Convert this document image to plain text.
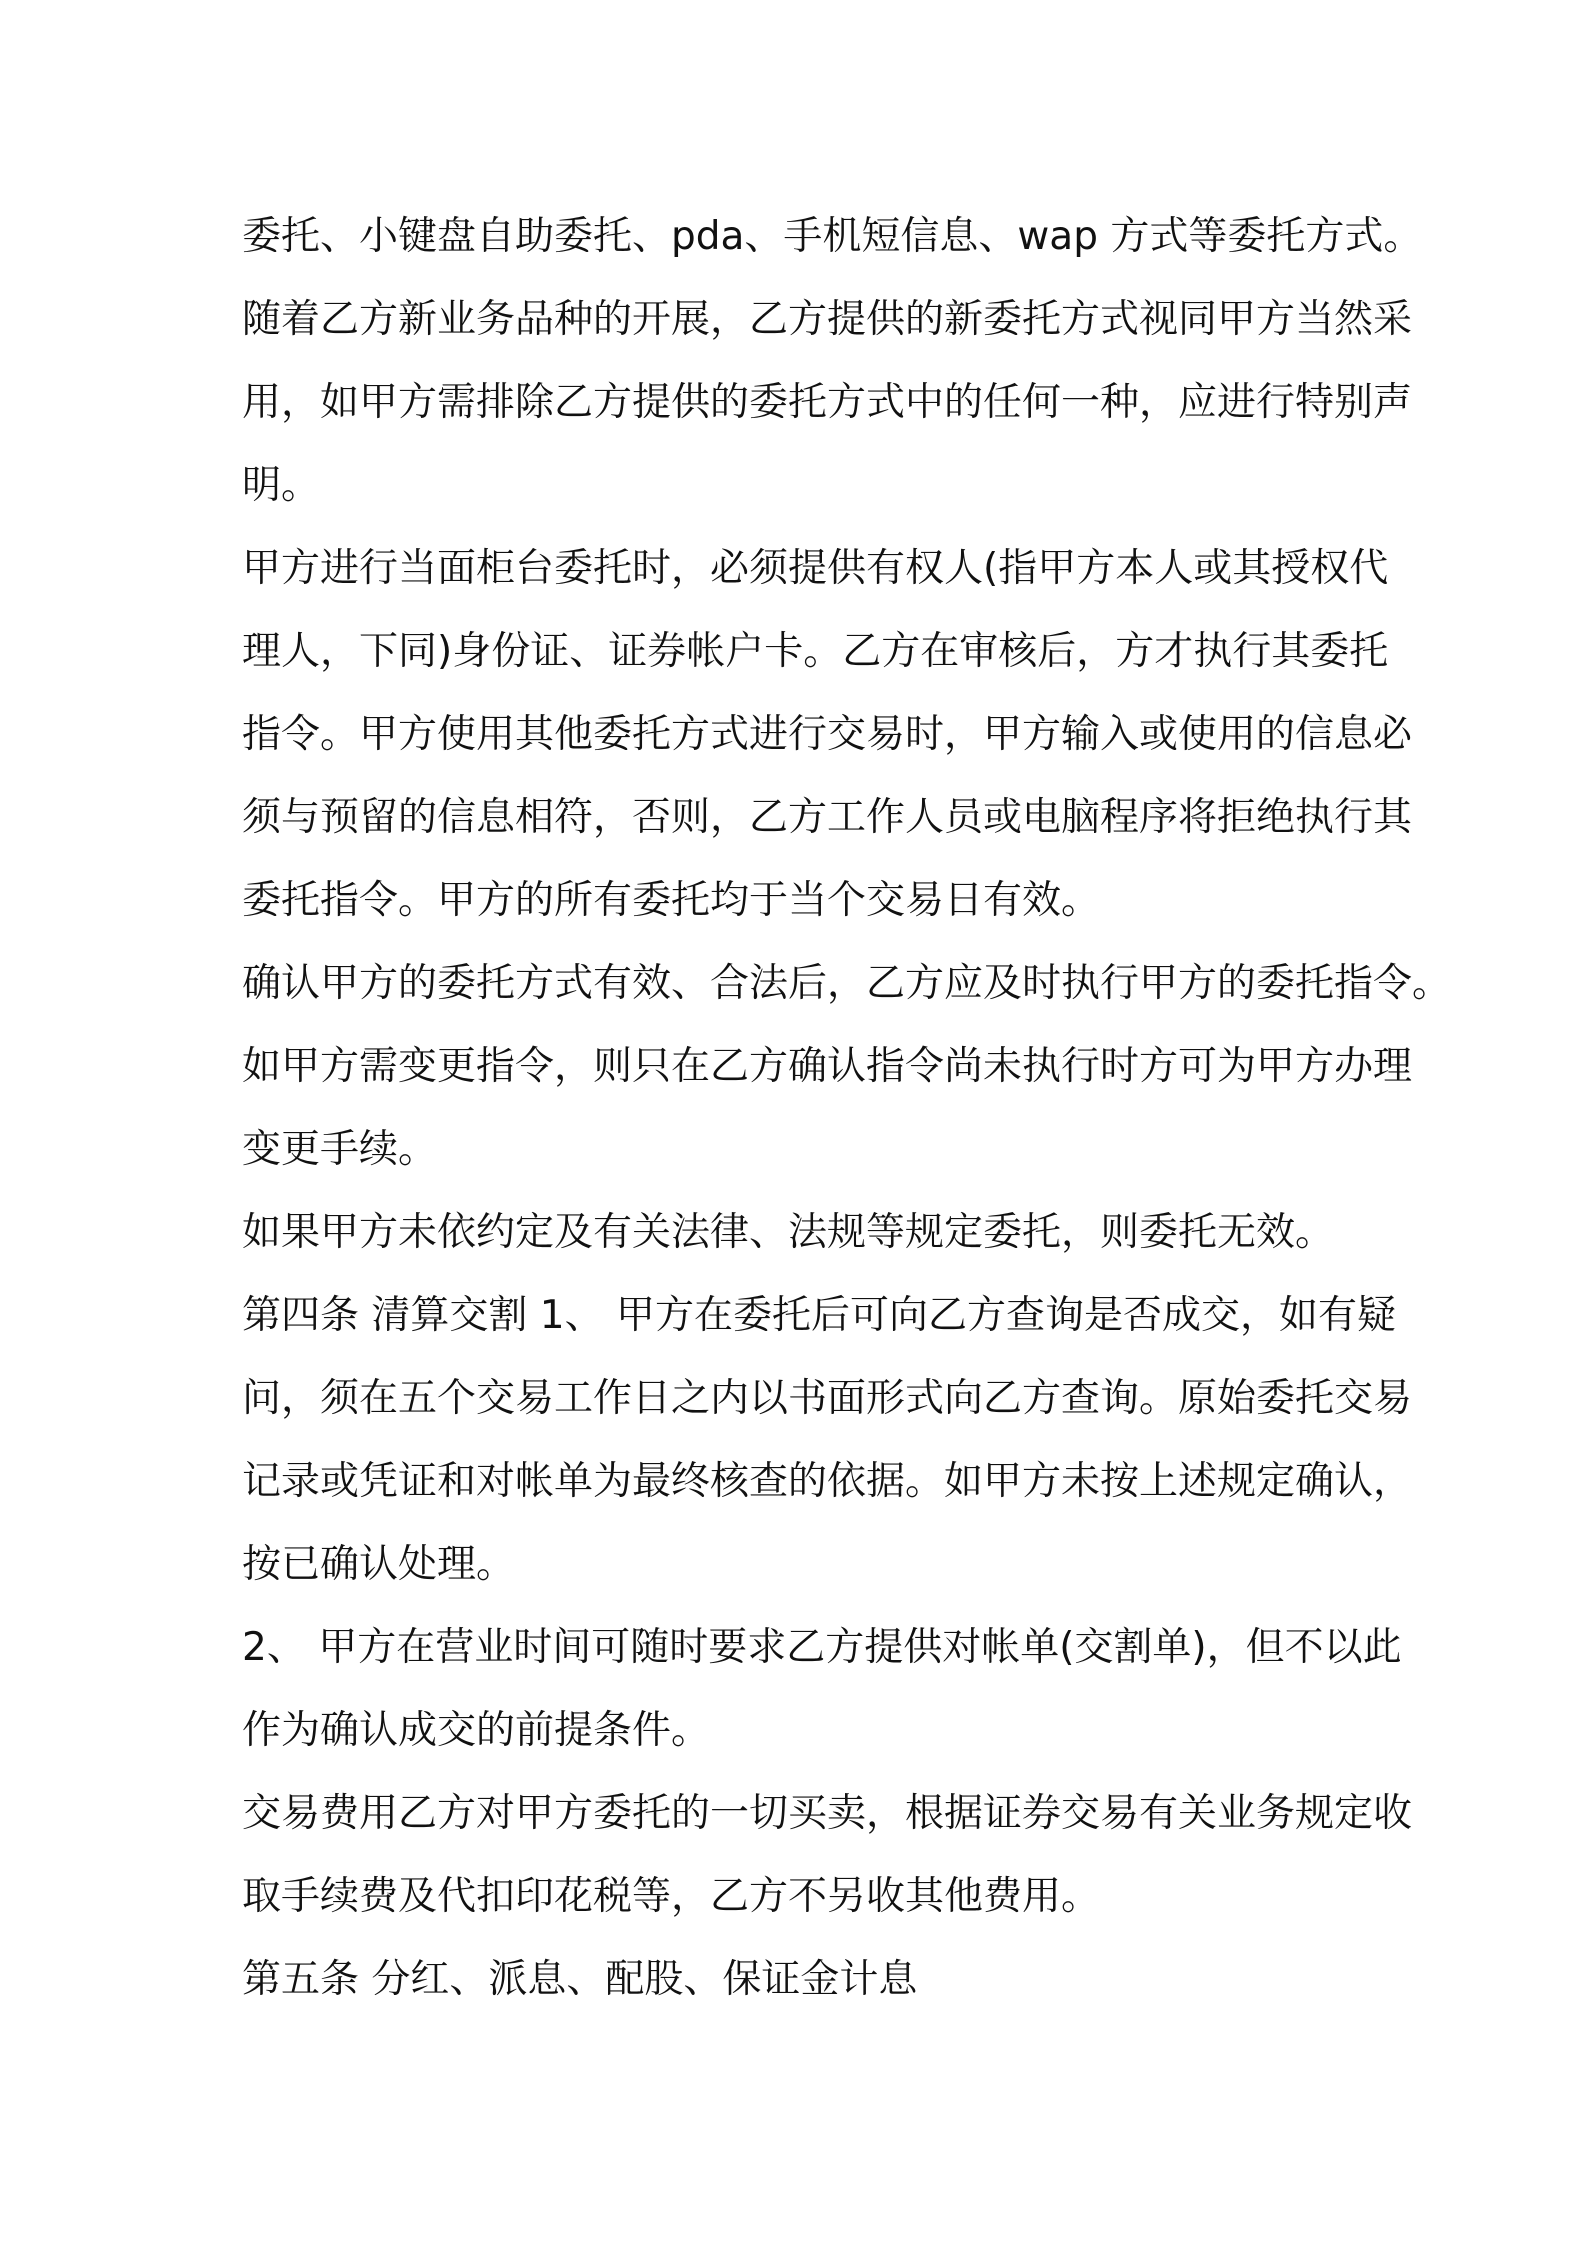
委托、小键盘自助委托、pda、手机短信息、wap 方式等委托方式。
随着乙方新业务品种的开展，乙方提供的新委托方式视同甲方当然采
用，如甲方需排除乙方提供的委托方式中的任何一种，应进行特别声
明。
甲方进行当面柜台委托时，必须提供有权人(指甲方本人或其授权代
理人，下同)身份证、证券帐户卡。乙方在审核后，方才执行其委托
指令。甲方使用其他委托方式进行交易时，甲方输入或使用的信息必
须与预留的信息相符，否则，乙方工作人员或电脑程序将拒绝执行其
委托指令。甲方的所有委托均于当个交易日有效。
确认甲方的委托方式有效、合法后，乙方应及时执行甲方的委托指令。
如甲方需变更指令，则只在乙方确认指令尚未执行时方可为甲方办理
变更手续。
如果甲方未依约定及有关法律、法规等规定委托，则委托无效。
第四条 清算交割 1、 甲方在委托后可向乙方查询是否成交，如有疑
问，须在五个交易工作日之内以书面形式向乙方查询。原始委托交易
记录或凭证和对帐单为最终核查的依据。如甲方未按上述规定确认，
按已确认处理。
2、 甲方在营业时间可随时要求乙方提供对帐单(交割单)，但不以此
作为确认成交的前提条件。
交易费用乙方对甲方委托的一切买卖，根据证券交易有关业务规定收
取手续费及代扣印花税等，乙方不另收其他费用。
第五条 分红、派息、配股、保证金计息
